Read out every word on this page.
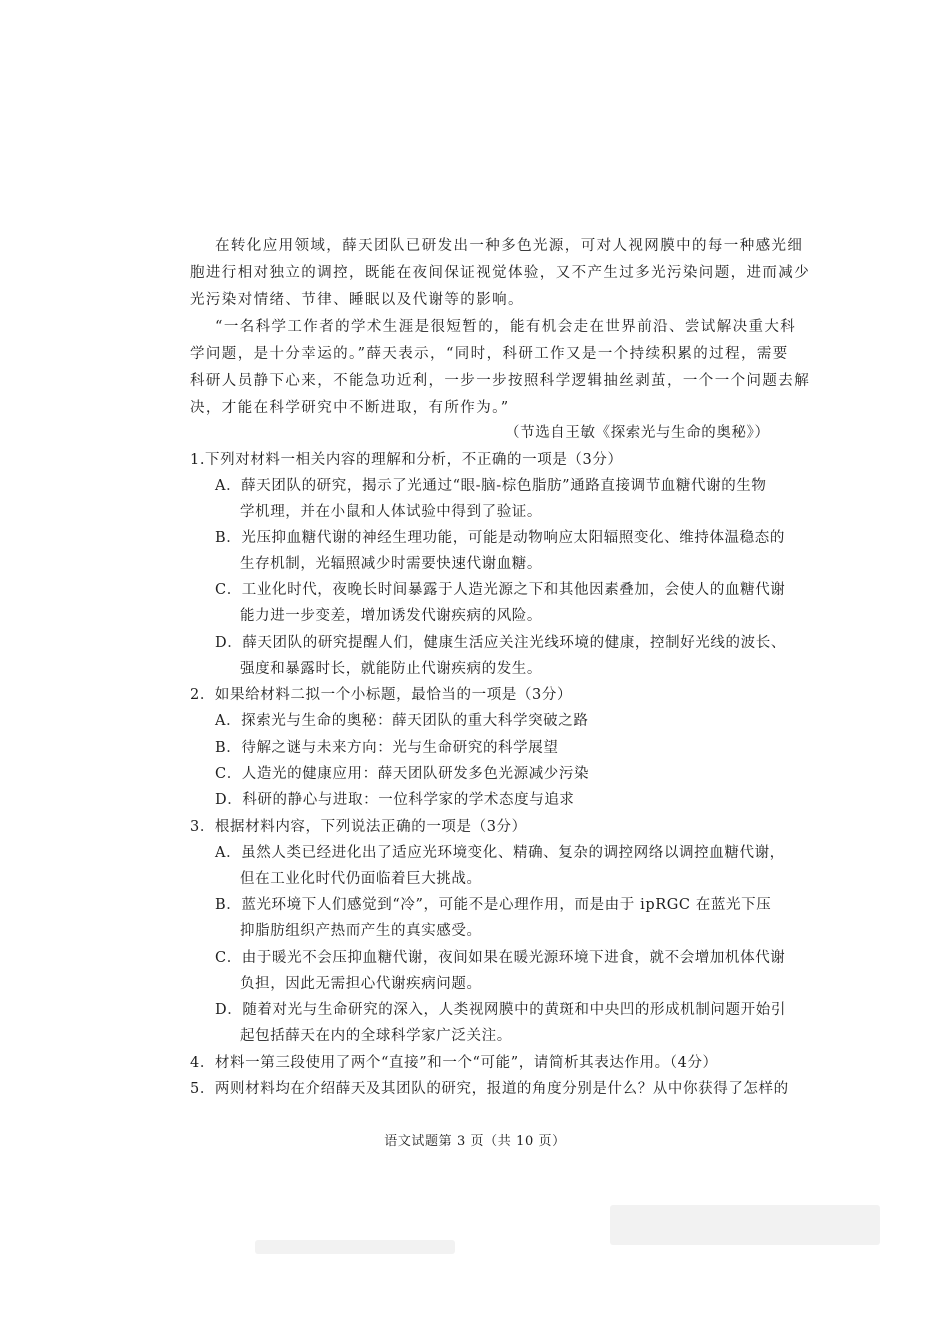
在转化应用领域，薛天团队已研发出一种多色光源，可对人视网膜中的每一种感光细
胞进行相对独立的调控，既能在夜间保证视觉体验，又不产生过多光污染问题，进而减少
光污染对情绪、节律、睡眠以及代谢等的影响。
“一名科学工作者的学术生涯是很短暂的，能有机会走在世界前沿、尝试解决重大科
学问题，是十分幸运的。”薛天表示，“同时，科研工作又是一个持续积累的过程，需要
科研人员静下心来，不能急功近利，一步一步按照科学逻辑抽丝剥茧，一个一个问题去解
决，才能在科学研究中不断进取，有所作为。”
（节选自王敏《探索光与生命的奥秘》）
1.下列对材料一相关内容的理解和分析，不正确的一项是（3分）
A．薛天团队的研究，揭示了光通过“眼-脑-棕色脂肪”通路直接调节血糖代谢的生物
学机理，并在小鼠和人体试验中得到了验证。
B．光压抑血糖代谢的神经生理功能，可能是动物响应太阳辐照变化、维持体温稳态的
生存机制，光辐照减少时需要快速代谢血糖。
C．工业化时代，夜晚长时间暴露于人造光源之下和其他因素叠加，会使人的血糖代谢
能力进一步变差，增加诱发代谢疾病的风险。
D．薛天团队的研究提醒人们，健康生活应关注光线环境的健康，控制好光线的波长、
强度和暴露时长，就能防止代谢疾病的发生。
2．如果给材料二拟一个小标题，最恰当的一项是（3分）
A．探索光与生命的奥秘：薛天团队的重大科学突破之路
B．待解之谜与未来方向：光与生命研究的科学展望
C．人造光的健康应用：薛天团队研发多色光源减少污染
D．科研的静心与进取：一位科学家的学术态度与追求
3．根据材料内容，下列说法正确的一项是（3分）
A．虽然人类已经进化出了适应光环境变化、精确、复杂的调控网络以调控血糖代谢，
但在工业化时代仍面临着巨大挑战。
B．蓝光环境下人们感觉到“冷”，可能不是心理作用，而是由于 ipRGC 在蓝光下压
抑脂肪组织产热而产生的真实感受。
C．由于暖光不会压抑血糖代谢，夜间如果在暖光源环境下进食，就不会增加机体代谢
负担，因此无需担心代谢疾病问题。
D．随着对光与生命研究的深入，人类视网膜中的黄斑和中央凹的形成机制问题开始引
起包括薛天在内的全球科学家广泛关注。
4．材料一第三段使用了两个“直接”和一个“可能”，请简析其表达作用。（4分）
5．两则材料均在介绍薛天及其团队的研究，报道的角度分别是什么？从中你获得了怎样的
语文试题第 3 页（共 10 页）
